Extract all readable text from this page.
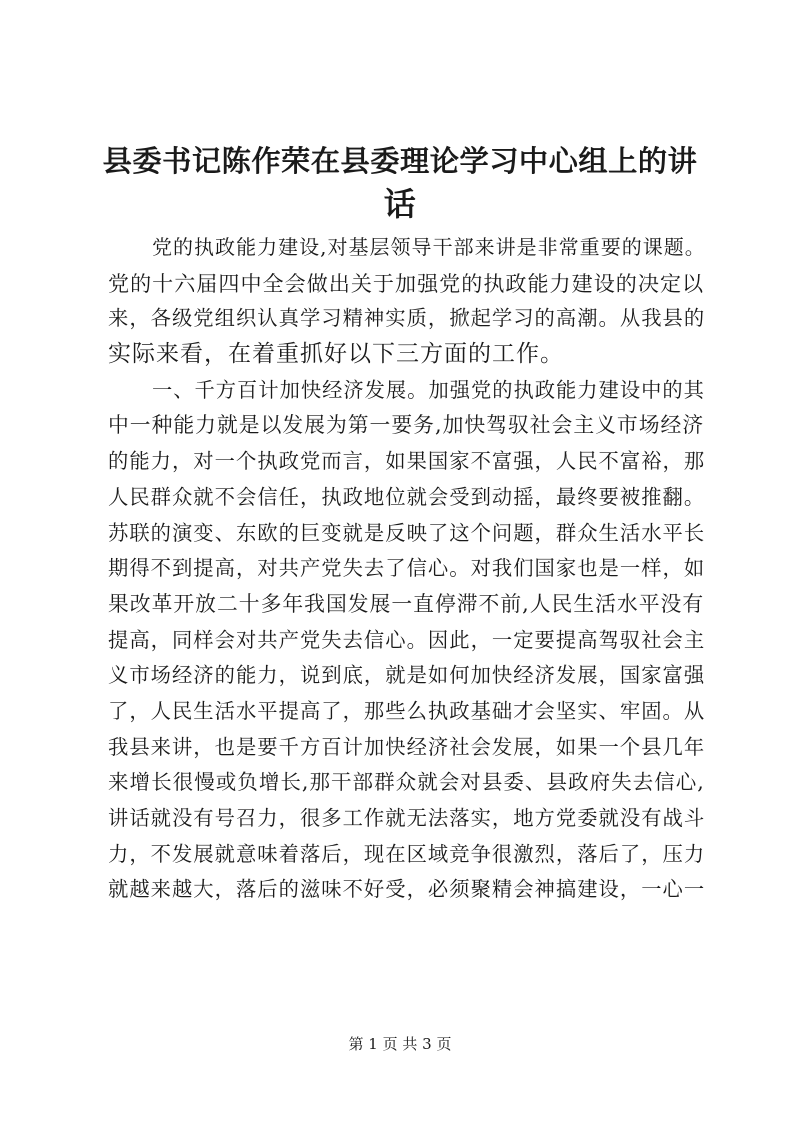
县委书记陈作荣在县委理论学习中心组上的讲
话
党的执政能力建设,对基层领导干部来讲是非常重要的课题。
党的十六届四中全会做出关于加强党的执政能力建设的决定以
来，各级党组织认真学习精神实质，掀起学习的高潮。从我县的
实际来看，在着重抓好以下三方面的工作。
一、千方百计加快经济发展。加强党的执政能力建设中的其
中一种能力就是以发展为第一要务,加快驾驭社会主义市场经济
的能力，对一个执政党而言，如果国家不富强，人民不富裕，那
人民群众就不会信任，执政地位就会受到动摇，最终要被推翻。
苏联的演变、东欧的巨变就是反映了这个问题，群众生活水平长
期得不到提高，对共产党失去了信心。对我们国家也是一样，如
果改革开放二十多年我国发展一直停滞不前,人民生活水平没有
提高，同样会对共产党失去信心。因此，一定要提高驾驭社会主
义市场经济的能力，说到底，就是如何加快经济发展，国家富强
了，人民生活水平提高了，那些么执政基础才会坚实、牢固。从
我县来讲，也是要千方百计加快经济社会发展，如果一个县几年
来增长很慢或负增长,那干部群众就会对县委、县政府失去信心,
讲话就没有号召力，很多工作就无法落实，地方党委就没有战斗
力，不发展就意味着落后，现在区域竞争很激烈，落后了，压力
就越来越大，落后的滋味不好受，必须聚精会神搞建设，一心一
第 1 页 共 3 页
